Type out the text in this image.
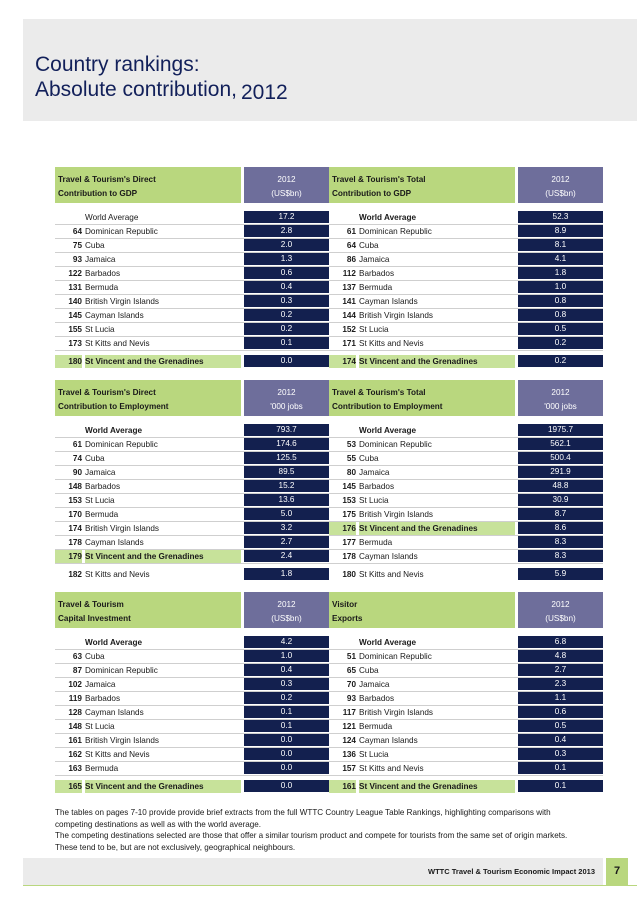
Country rankings:
Absolute contribution, 2012
Travel & Tourism's Direct
Contribution to GDP
2012
(US$bn)
World Average	17.2
64 Dominican Republic	2.8
75 Cuba	2.0
93 Jamaica	1.3
122 Barbados	0.6
131 Bermuda	0.4
140 British Virgin Islands	0.3
145 Cayman Islands	0.2
155 St Lucia	0.2
173 St Kitts and Nevis	0.1
180 St Vincent and the Grenadines	0.0
Travel & Tourism's Total
Contribution to GDP
2012
(US$bn)
World Average	52.3
61 Dominican Republic	8.9
64 Cuba	8.1
86 Jamaica	4.1
112 Barbados	1.8
137 Bermuda	1.0
141 Cayman Islands	0.8
144 British Virgin Islands	0.8
152 St Lucia	0.5
171 St Kitts and Nevis	0.2
174 St Vincent and the Grenadines	0.2
Travel & Tourism's Direct
Contribution to Employment
2012
'000 jobs
World Average	793.7
61 Dominican Republic	174.6
74 Cuba	125.5
90 Jamaica	89.5
148 Barbados	15.2
153 St Lucia	13.6
170 Bermuda	5.0
174 British Virgin Islands	3.2
178 Cayman Islands	2.7
179 St Vincent and the Grenadines	2.4
182 St Kitts and Nevis	1.8
Travel & Tourism's Total
Contribution to Employment
2012
'000 jobs
World Average	1975.7
53 Dominican Republic	562.1
55 Cuba	500.4
80 Jamaica	291.9
145 Barbados	48.8
153 St Lucia	30.9
175 British Virgin Islands	8.7
176 St Vincent and the Grenadines	8.6
177 Bermuda	8.3
178 Cayman Islands	8.3
180 St Kitts and Nevis	5.9
Travel & Tourism
Capital Investment
2012
(US$bn)
World Average	4.2
63 Cuba	1.0
87 Dominican Republic	0.4
102 Jamaica	0.3
119 Barbados	0.2
128 Cayman Islands	0.1
148 St Lucia	0.1
161 British Virgin Islands	0.0
162 St Kitts and Nevis	0.0
163 Bermuda	0.0
165 St Vincent and the Grenadines	0.0
Visitor
Exports
2012
(US$bn)
World Average	6.8
51 Dominican Republic	4.8
65 Cuba	2.7
70 Jamaica	2.3
93 Barbados	1.1
117 British Virgin Islands	0.6
121 Bermuda	0.5
124 Cayman Islands	0.4
136 St Lucia	0.3
157 St Kitts and Nevis	0.1
161 St Vincent and the Grenadines	0.1
The tables on pages 7-10 provide provide brief extracts from the full WTTC Country League Table Rankings, highlighting comparisons with
competing destinations as well as with the world average.
The competing destinations selected are those that offer a similar tourism product and compete for tourists from the same set of origin markets.
These tend to be, but are not exclusively, geographical neighbours.
WTTC Travel & Tourism Economic Impact 2013	7
